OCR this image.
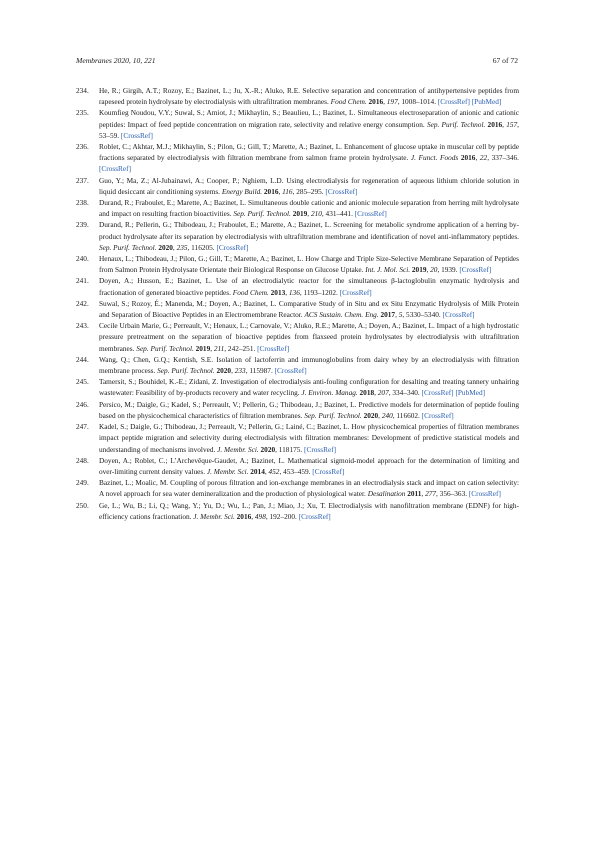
Membranes 2020, 10, 221	67 of 72
234.	He, R.; Girgih, A.T.; Rozoy, E.; Bazinet, L.; Ju, X.-R.; Aluko, R.E. Selective separation and concentration of antihypertensive peptides from rapeseed protein hydrolysate by electrodialysis with ultrafiltration membranes. Food Chem. 2016, 197, 1008–1014. [CrossRef] [PubMed]
235.	Koumfieg Noudou, V.Y.; Suwal, S.; Amiot, J.; Mikhaylin, S.; Beaulieu, L.; Bazinet, L. Simultaneous electroseparation of anionic and cationic peptides: Impact of feed peptide concentration on migration rate, selectivity and relative energy consumption. Sep. Purif. Technol. 2016, 157, 53–59. [CrossRef]
236.	Roblet, C.; Akhtar, M.J.; Mikhaylin, S.; Pilon, G.; Gill, T.; Marette, A.; Bazinet, L. Enhancement of glucose uptake in muscular cell by peptide fractions separated by electrodialysis with filtration membrane from salmon frame protein hydrolysate. J. Funct. Foods 2016, 22, 337–346. [CrossRef]
237.	Guo, Y.; Ma, Z.; Al-Jubainawi, A.; Cooper, P.; Nghiem, L.D. Using electrodialysis for regeneration of aqueous lithium chloride solution in liquid desiccant air conditioning systems. Energy Build. 2016, 116, 285–295. [CrossRef]
238.	Durand, R.; Fraboulet, E.; Marette, A.; Bazinet, L. Simultaneous double cationic and anionic molecule separation from herring milt hydrolysate and impact on resulting fraction bioactivities. Sep. Purif. Technol. 2019, 210, 431–441. [CrossRef]
239.	Durand, R.; Pellerin, G.; Thibodeau, J.; Fraboulet, E.; Marette, A.; Bazinet, L. Screening for metabolic syndrome application of a herring by-product hydrolysate after its separation by electrodialysis with ultrafiltration membrane and identification of novel anti-inflammatory peptides. Sep. Purif. Technol. 2020, 235, 116205. [CrossRef]
240.	Henaux, L.; Thibodeau, J.; Pilon, G.; Gill, T.; Marette, A.; Bazinet, L. How Charge and Triple Size-Selective Membrane Separation of Peptides from Salmon Protein Hydrolysate Orientate their Biological Response on Glucose Uptake. Int. J. Mol. Sci. 2019, 20, 1939. [CrossRef]
241.	Doyen, A.; Husson, E.; Bazinet, L. Use of an electrodialytic reactor for the simultaneous β-lactoglobulin enzymatic hydrolysis and fractionation of generated bioactive peptides. Food Chem. 2013, 136, 1193–1202. [CrossRef]
242.	Suwal, S.; Rozoy, É.; Manenda, M.; Doyen, A.; Bazinet, L. Comparative Study of in Situ and ex Situ Enzymatic Hydrolysis of Milk Protein and Separation of Bioactive Peptides in an Electromembrane Reactor. ACS Sustain. Chem. Eng. 2017, 5, 5330–5340. [CrossRef]
243.	Cecile Urbain Marie, G.; Perreault, V.; Henaux, L.; Carnovale, V.; Aluko, R.E.; Marette, A.; Doyen, A.; Bazinet, L. Impact of a high hydrostatic pressure pretreatment on the separation of bioactive peptides from flaxseed protein hydrolysates by electrodialysis with ultrafiltration membranes. Sep. Purif. Technol. 2019, 211, 242–251. [CrossRef]
244.	Wang, Q.; Chen, G.Q.; Kentish, S.E. Isolation of lactoferrin and immunoglobulins from dairy whey by an electrodialysis with filtration membrane process. Sep. Purif. Technol. 2020, 233, 115987. [CrossRef]
245.	Tamersit, S.; Bouhidel, K.-E.; Zidani, Z. Investigation of electrodialysis anti-fouling configuration for desalting and treating tannery unhairing wastewater: Feasibility of by-products recovery and water recycling. J. Environ. Manag. 2018, 207, 334–340. [CrossRef] [PubMed]
246.	Persico, M.; Daigle, G.; Kadel, S.; Perreault, V.; Pellerin, G.; Thibodeau, J.; Bazinet, L. Predictive models for determination of peptide fouling based on the physicochemical characteristics of filtration membranes. Sep. Purif. Technol. 2020, 240, 116602. [CrossRef]
247.	Kadel, S.; Daigle, G.; Thibodeau, J.; Perreault, V.; Pellerin, G.; Lainé, C.; Bazinet, L. How physicochemical properties of filtration membranes impact peptide migration and selectivity during electrodialysis with filtration membranes: Development of predictive statistical models and understanding of mechanisms involved. J. Membr. Sci. 2020, 118175. [CrossRef]
248.	Doyen, A.; Roblet, C.; L’Archevêque-Gaudet, A.; Bazinet, L. Mathematical sigmoid-model approach for the determination of limiting and over-limiting current density values. J. Membr. Sci. 2014, 452, 453–459. [CrossRef]
249.	Bazinet, L.; Moalic, M. Coupling of porous filtration and ion-exchange membranes in an electrodialysis stack and impact on cation selectivity: A novel approach for sea water demineralization and the production of physiological water. Desalination 2011, 277, 356–363. [CrossRef]
250.	Ge, L.; Wu, B.; Li, Q.; Wang, Y.; Yu, D.; Wu, L.; Pan, J.; Miao, J.; Xu, T. Electrodialysis with nanofiltration membrane (EDNF) for high-efficiency cations fractionation. J. Membr. Sci. 2016, 498, 192–200. [CrossRef]
